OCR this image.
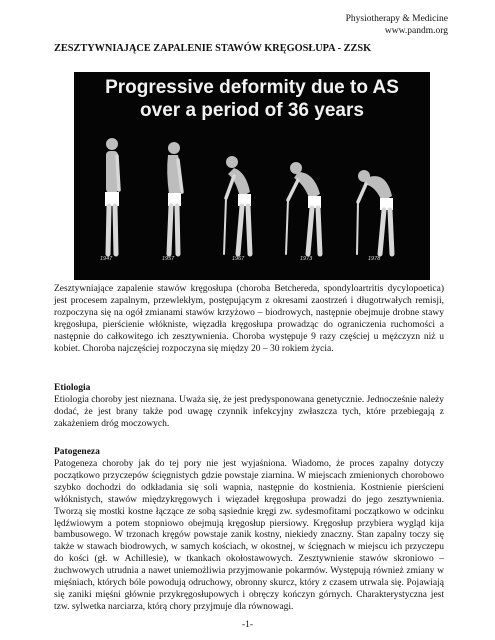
Physiotherapy & Medicine
www.pandm.org
ZESZTYWNIAJĄCE ZAPALENIE STAWÓW KRĘGOSŁUPA - ZZSK
Progressive deformity due to AS
over a period of 36 years
1947	1957	1967	1973	1978

Zesztywniające zapalenie stawów kręgosłupa (choroba Betchereda, spondyloartritis dycylopoetica) jest procesem zapalnym, przewlekłym, postępującym z okresami zaostrzeń i długotrwałych remisji, rozpoczyna się na ogół zmianami stawów krzyżowo – biodrowych, następnie obejmuje drobne stawy kręgosłupa, pierścienie włókniste, więzadła kręgosłupa prowadząc do ograniczenia ruchomości a następnie do całkowitego ich zesztywnienia. Choroba występuje 9 razy częściej u mężczyzn niż u kobiet. Choroba najczęściej rozpoczyna się między 20 – 30 rokiem życia.

Etiologia

Etiologia choroby jest nieznana. Uważa się, że jest predysponowana genetycznie. Jednocześnie należy dodać, że jest brany także pod uwagę czynnik infekcyjny zwłaszcza tych, które przebiegają z zakażeniem dróg moczowych.

Patogeneza

Patogeneza choroby jak do tej pory nie jest wyjaśniona. Wiadomo, że proces zapalny dotyczy początkowo przyczepów ścięgnistych gdzie powstaje ziarnina. W miejscach zmienionych chorobowo szybko dochodzi do odkładania się soli wapnia, następnie do kostnienia. Kostnienie pierścieni włóknistych, stawów międzykręgowych i więzadeł kręgosłupa prowadzi do jego zesztywnienia. Tworzą się mostki kostne łączące ze sobą sąsiednie kręgi zw. sydesmofitami początkowo w odcinku lędźwiowym a potem stopniowo obejmują kręgosłup piersiowy. Kręgosłup przybiera wygląd kija bambusowego. W trzonach kręgów powstaje zanik kostny, niekiedy znaczny. Stan zapalny toczy się także w stawach biodrowych, w samych kościach, w okostnej, w ścięgnach w miejscu ich przyczepu do kości (gł. w Achillesie), w tkankach okołostawowych. Zesztywnienie stawów skroniowo – żuchwowych utrudnia a nawet uniemożliwia przyjmowanie pokarmów. Występują również zmiany w mięśniach, których bóle powodują odruchowy, obronny skurcz, który z czasem utrwala się. Pojawiają się zaniki mięśni głównie przykręgosłupowych i obręczy kończyn górnych. Charakterystyczna jest tzw. sylwetka narciarza, którą chory przyjmuje dla równowagi.

-1-
